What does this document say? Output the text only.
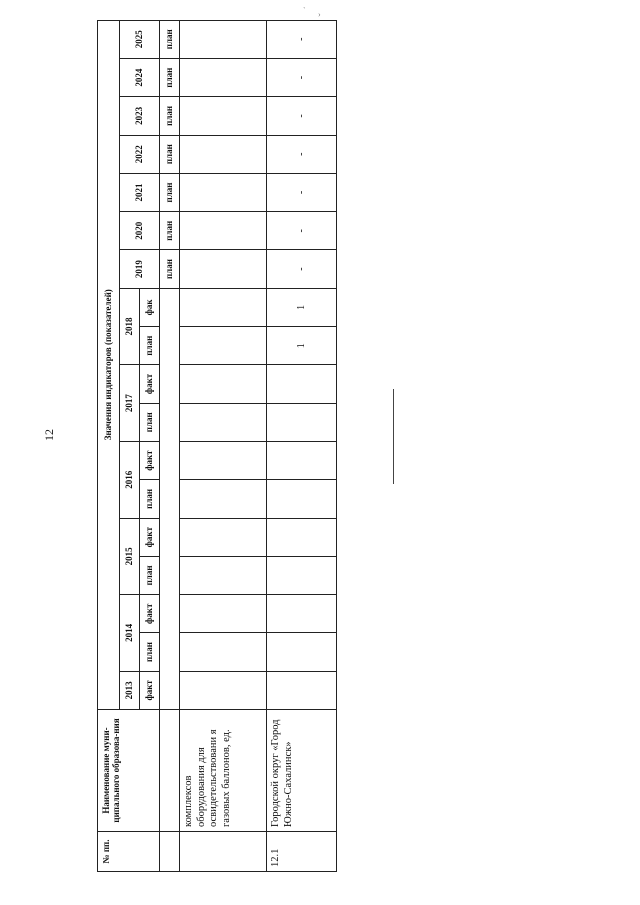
12
ˋ ›
№ пп.	Наименование муни-ципального образова-ния	Значения индикаторов (показателей)																	
		2013	2014		2015		2016		2017		2018		2019	2020	2021	2022	2023	2024	2025
		факт	план	факт	план	факт	план	факт	план	факт	план	фак							
													план	план	план	план	план	план	план
	комплексов оборудования для освидетельствовани я газовых баллонов, ед.																		
12.1	Городской округ «Город Южно-Сахалинск»										1	1	-	-	-	-	-	-	-
